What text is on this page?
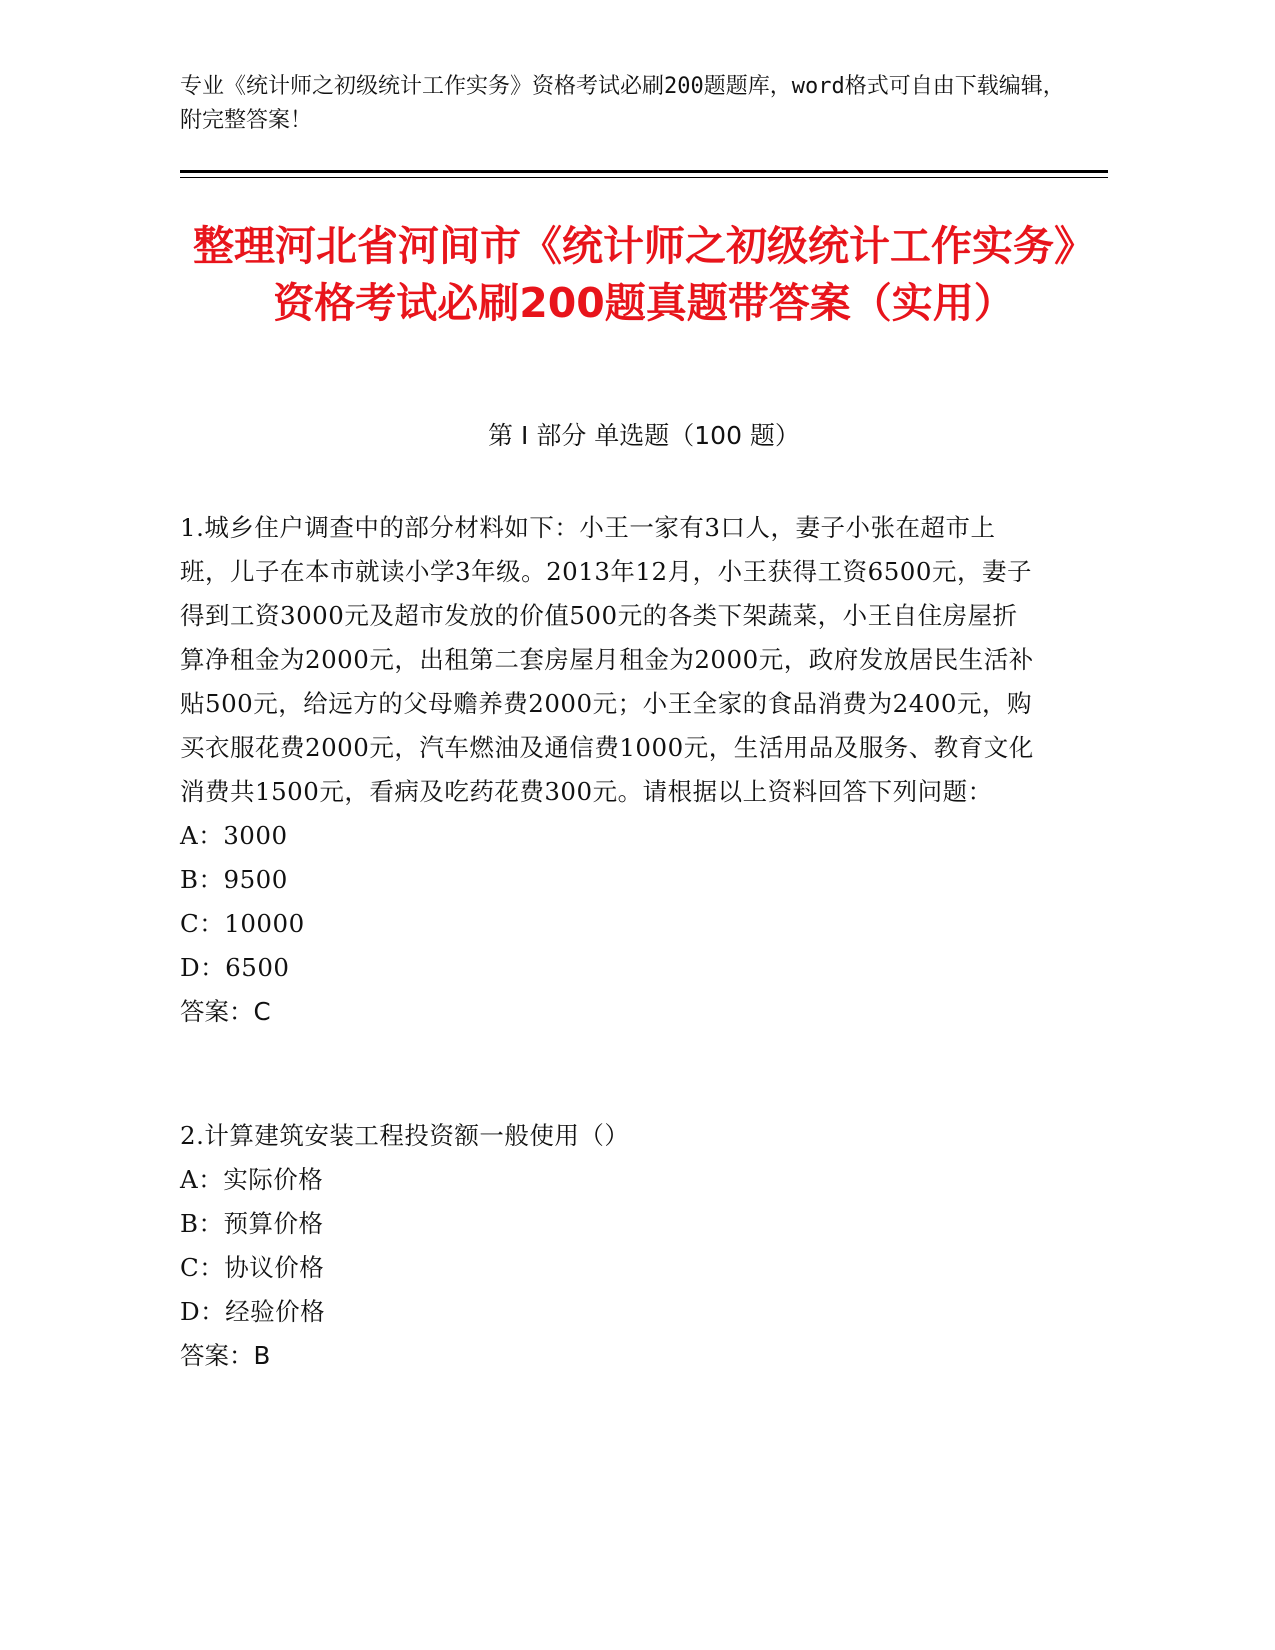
专业《统计师之初级统计工作实务》资格考试必刷200题题库，word格式可自由下载编辑，附完整答案！
整理河北省河间市《统计师之初级统计工作实务》资格考试必刷200题真题带答案（实用）
第 I 部分 单选题（100 题）

1.城乡住户调查中的部分材料如下：小王一家有3口人，妻子小张在超市上班，儿子在本市就读小学3年级。2013年12月，小王获得工资6500元，妻子得到工资3000元及超市发放的价值500元的各类下架蔬菜，小王自住房屋折算净租金为2000元，出租第二套房屋月租金为2000元，政府发放居民生活补贴500元，给远方的父母赡养费2000元；小王全家的食品消费为2400元，购买衣服花费2000元，汽车燃油及通信费1000元，生活用品及服务、教育文化消费共1500元，看病及吃药花费300元。请根据以上资料回答下列问题：

A：3000

B：9500

C：10000

D：6500

答案：C

2.计算建筑安装工程投资额一般使用（）

A：实际价格

B：预算价格

C：协议价格

D：经验价格

答案：B
